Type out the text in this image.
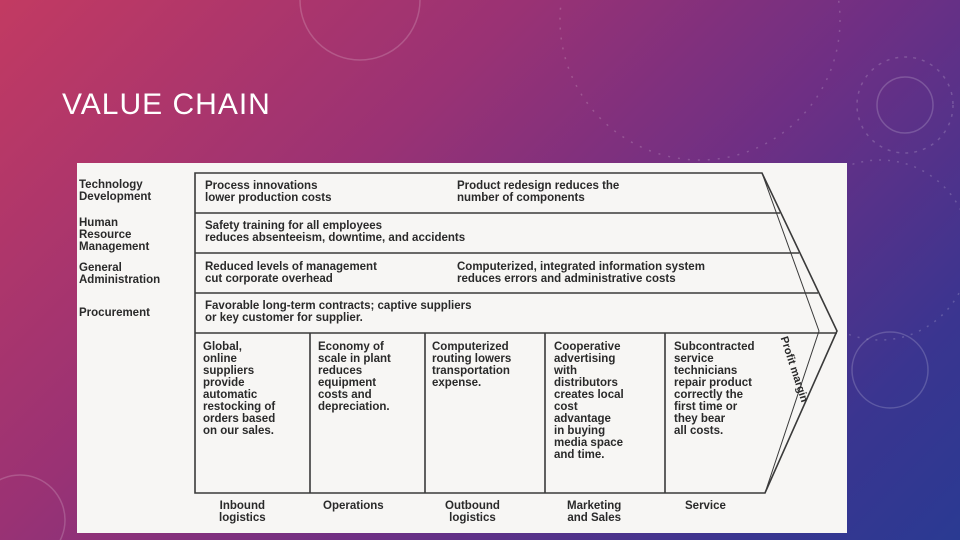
VALUE CHAIN
Technology
Development
Human
Resource
Management
General
Administration
Procurement
Process innovations
lower production costs
Product redesign reduces the
number of components
Safety training for all employees
reduces absenteeism, downtime, and accidents
Reduced levels of management
cut corporate overhead
Computerized, integrated information system
reduces errors and administrative costs
Favorable long-term contracts; captive suppliers
or key customer for supplier.
Global,
online
suppliers
provide
automatic
restocking of
orders based
on our sales.
Economy of
scale in plant
reduces
equipment
costs and
depreciation.
Computerized
routing lowers
transportation
expense.
Cooperative
advertising
with
distributors
creates local
cost
advantage
in buying
media space
and time.
Subcontracted
service
technicians
repair product
correctly the
first time or
they bear
all costs.
Inbound
logistics
Operations	Outbound
logistics
Marketing
and Sales
Service
Profit margin
